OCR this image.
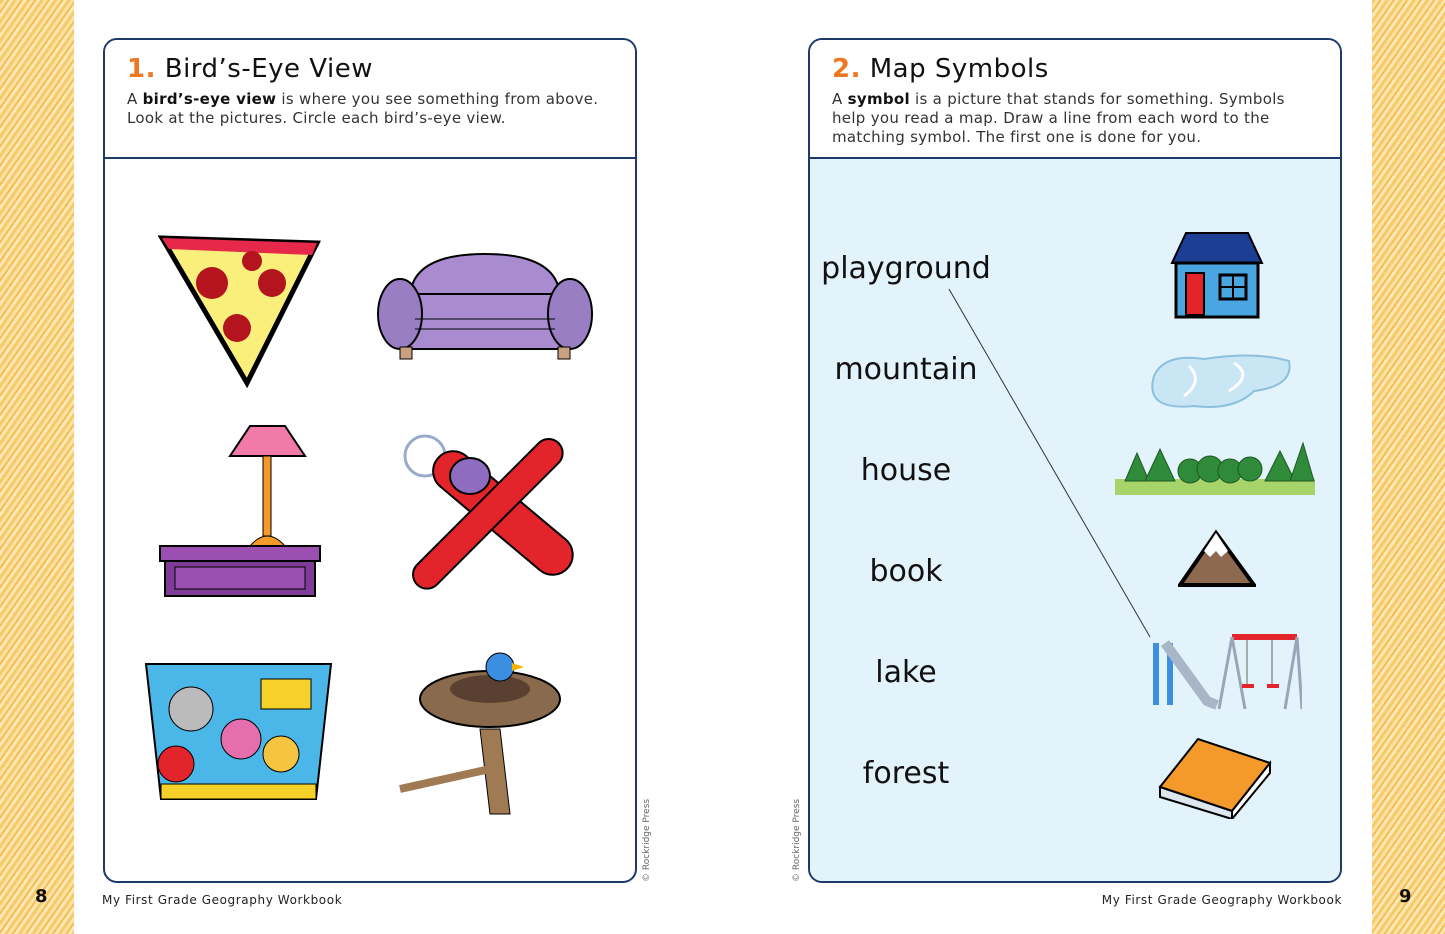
1. Bird’s-Eye View
A bird’s-eye view is where you see something from above. Look at the pictures. Circle each bird’s-eye view.
2. Map Symbols
A symbol is a picture that stands for something. Symbols help you read a map. Draw a line from each word to the matching symbol. The first one is done for you.
playground
mountain
house
book
lake
forest
© Rockridge Press	© Rockridge Press
8	9
My First Grade Geography Workbook	My First Grade Geography Workbook
